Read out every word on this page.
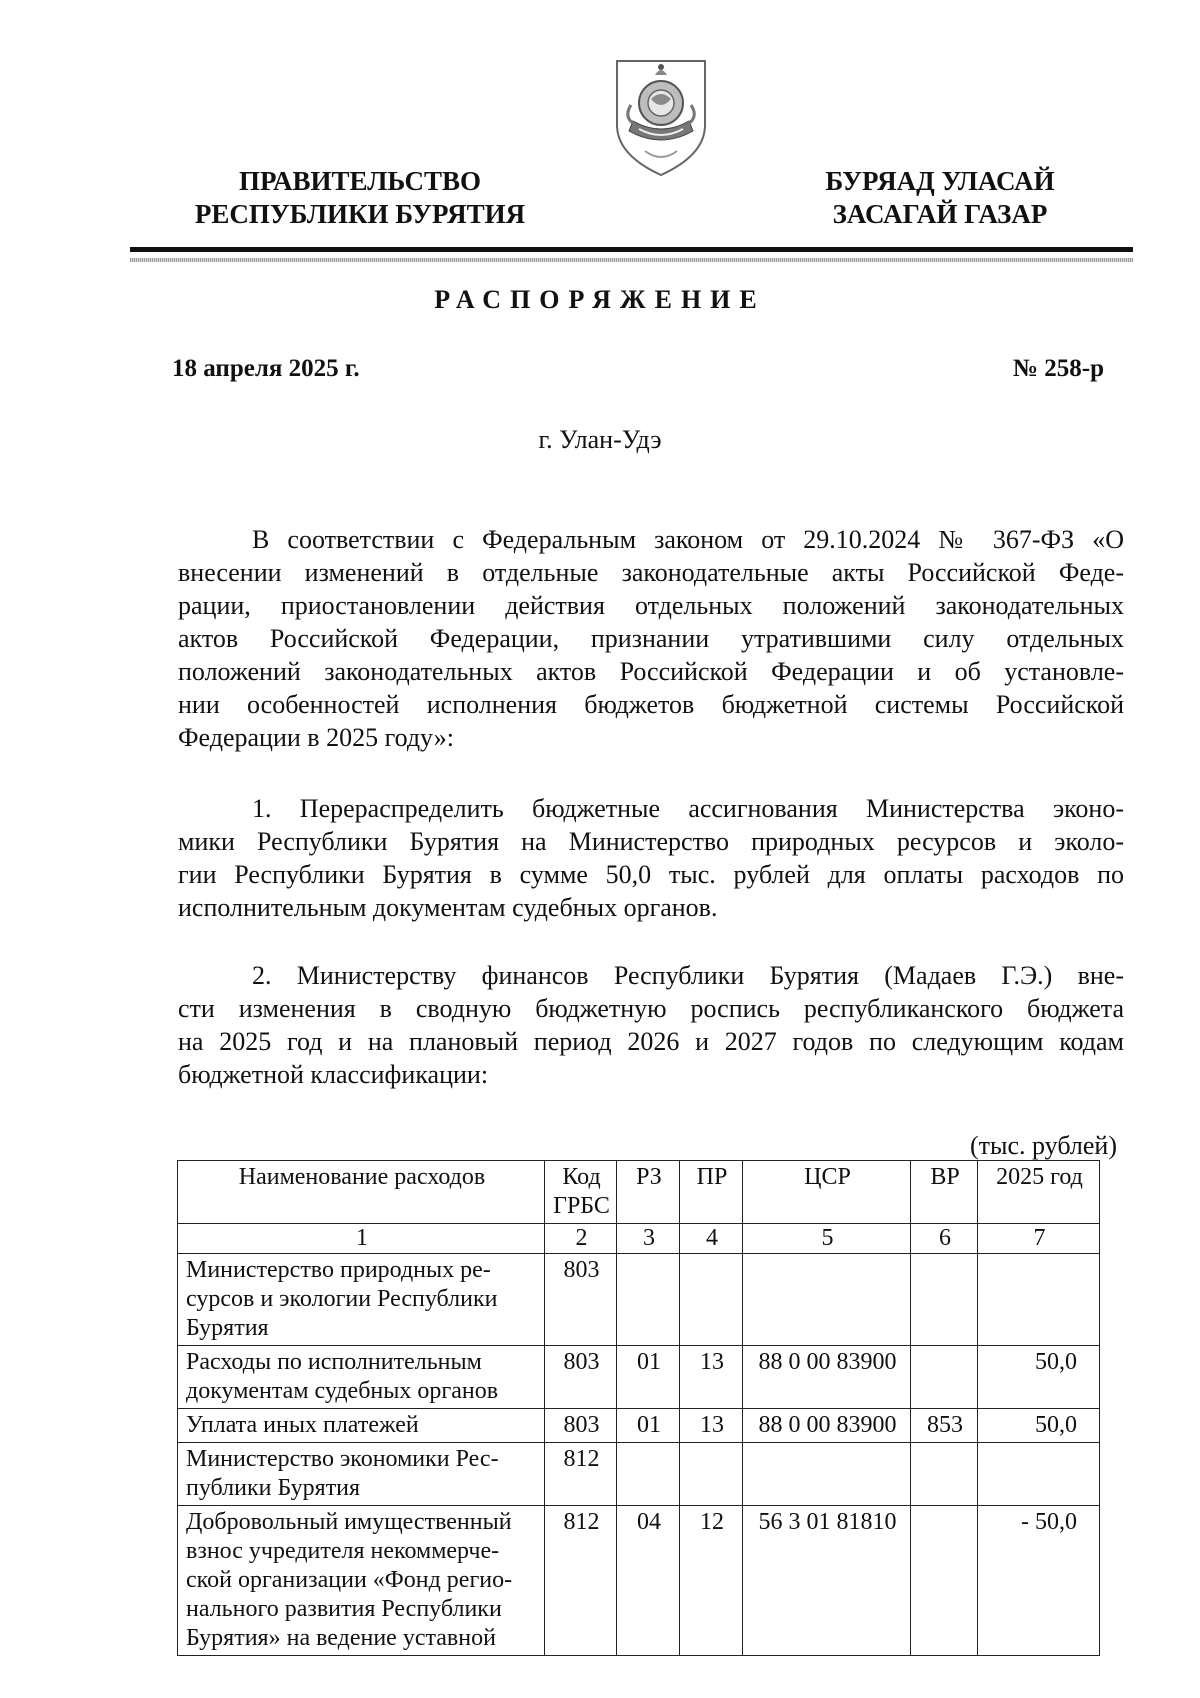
ПРАВИТЕЛЬСТВО
РЕСПУБЛИКИ БУРЯТИЯ
БУРЯАД УЛАСАЙ
ЗАСАГАЙ ГАЗАР
РАСПОРЯЖЕНИЕ
18 апреля 2025 г.	№ 258-р
г. Улан-Удэ
В соответствии с Федеральным законом от 29.10.2024 № 367-ФЗ «О
внесении изменений в отдельные законодательные акты Российской Феде-
рации, приостановлении действия отдельных положений законодательных
актов Российской Федерации, признании утратившими силу отдельных
положений законодательных актов Российской Федерации и об установле-
нии особенностей исполнения бюджетов бюджетной системы Российской
Федерации в 2025 году»:
1. Перераспределить бюджетные ассигнования Министерства эконо-
мики Республики Бурятия на Министерство природных ресурсов и эколо-
гии Республики Бурятия в сумме 50,0 тыс. рублей для оплаты расходов по
исполнительным документам судебных органов.
2. Министерству финансов Республики Бурятия (Мадаев Г.Э.) вне-
сти изменения в сводную бюджетную роспись республиканского бюджета
на 2025 год и на плановый период 2026 и 2027 годов по следующим кодам
бюджетной классификации:
(тыс. рублей)
Наименование расходов	Код ГРБС	РЗ	ПР	ЦСР	ВР	2025 год
1	2	3	4	5	6	7
Министерство природных ре-сурсов и экологии Республики Бурятия	803					
Расходы по исполнительным документам судебных органов	803	01	13	88 0 00 83900		50,0
Уплата иных платежей	803	01	13	88 0 00 83900	853	50,0
Министерство экономики Рес-публики Бурятия	812					
Добровольный имущественный взнос учредителя некоммерче-ской организации «Фонд регио-нального развития Республики Бурятия» на ведение уставной	812	04	12	56 3 01 81810		- 50,0
